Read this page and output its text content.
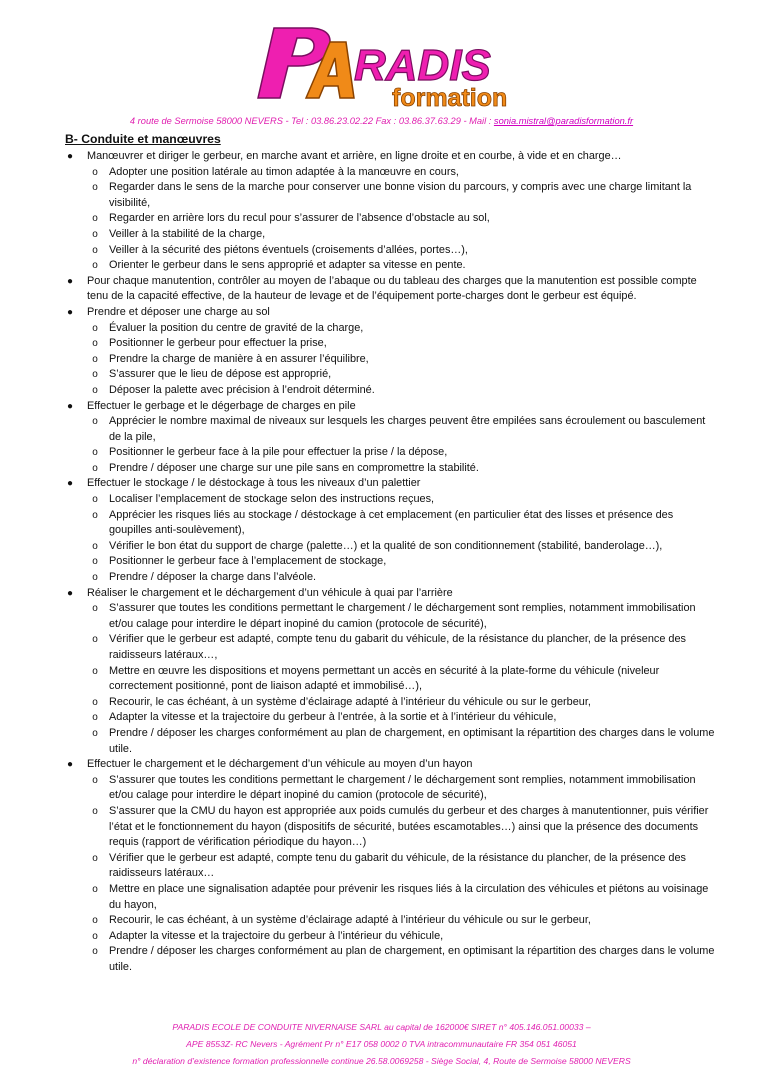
RADIS
formation
4 route de Sermoise 58000 NEVERS - Tel : 03.86.23.02.22 Fax : 03.86.37.63.29 - Mail : sonia.mistral@paradisformation.fr
B- Conduite et manœuvres
● Manœuvrer et diriger le gerbeur, en marche avant et arrière, en ligne droite et en courbe, à vide et en charge…
o Adopter une position latérale au timon adaptée à la manœuvre en cours,
o Regarder dans le sens de la marche pour conserver une bonne vision du parcours, y compris avec une charge limitant la visibilité,
o Regarder en arrière lors du recul pour s’assurer de l’absence d’obstacle au sol,
o Veiller à la stabilité de la charge,
o Veiller à la sécurité des piétons éventuels (croisements d’allées, portes…),
o Orienter le gerbeur dans le sens approprié et adapter sa vitesse en pente.
● Pour chaque manutention, contrôler au moyen de l’abaque ou du tableau des charges que la manutention est possible compte tenu de la capacité effective, de la hauteur de levage et de l’équipement porte-charges dont le gerbeur est équipé.
● Prendre et déposer une charge au sol
o Évaluer la position du centre de gravité de la charge,
o Positionner le gerbeur pour effectuer la prise,
o Prendre la charge de manière à en assurer l’équilibre,
o S’assurer que le lieu de dépose est approprié,
o Déposer la palette avec précision à l’endroit déterminé.
● Effectuer le gerbage et le dégerbage de charges en pile
o Apprécier le nombre maximal de niveaux sur lesquels les charges peuvent être empilées sans écroulement ou basculement de la pile,
o Positionner le gerbeur face à la pile pour effectuer la prise / la dépose,
o Prendre / déposer une charge sur une pile sans en compromettre la stabilité.
● Effectuer le stockage / le déstockage à tous les niveaux d’un palettier
o Localiser l’emplacement de stockage selon des instructions reçues,
o Apprécier les risques liés au stockage / déstockage à cet emplacement (en particulier état des lisses et présence des goupilles anti-soulèvement),
o Vérifier le bon état du support de charge (palette…) et la qualité de son conditionnement (stabilité, banderolage…),
o Positionner le gerbeur face à l’emplacement de stockage,
o Prendre / déposer la charge dans l’alvéole.
● Réaliser le chargement et le déchargement d’un véhicule à quai par l’arrière
o S’assurer que toutes les conditions permettant le chargement / le déchargement sont remplies, notamment immobilisation et/ou calage pour interdire le départ inopiné du camion (protocole de sécurité),
o Vérifier que le gerbeur est adapté, compte tenu du gabarit du véhicule, de la résistance du plancher, de la présence des raidisseurs latéraux…,
o Mettre en œuvre les dispositions et moyens permettant un accès en sécurité à la plate-forme du véhicule (niveleur correctement positionné, pont de liaison adapté et immobilisé…),
o Recourir, le cas échéant, à un système d’éclairage adapté à l’intérieur du véhicule ou sur le gerbeur,
o Adapter la vitesse et la trajectoire du gerbeur à l’entrée, à la sortie et à l’intérieur du véhicule,
o Prendre / déposer les charges conformément au plan de chargement, en optimisant la répartition des charges dans le volume utile.
● Effectuer le chargement et le déchargement d’un véhicule au moyen d’un hayon
o S’assurer que toutes les conditions permettant le chargement / le déchargement sont remplies, notamment immobilisation et/ou calage pour interdire le départ inopiné du camion (protocole de sécurité),
o S’assurer que la CMU du hayon est appropriée aux poids cumulés du gerbeur et des charges à manutentionner, puis vérifier l’état et le fonctionnement du hayon (dispositifs de sécurité, butées escamotables…) ainsi que la présence des documents requis (rapport de vérification périodique du hayon…)
o Vérifier que le gerbeur est adapté, compte tenu du gabarit du véhicule, de la résistance du plancher, de la présence des raidisseurs latéraux…
o Mettre en place une signalisation adaptée pour prévenir les risques liés à la circulation des véhicules et piétons au voisinage du hayon,
o Recourir, le cas échéant, à un système d’éclairage adapté à l’intérieur du véhicule ou sur le gerbeur,
o Adapter la vitesse et la trajectoire du gerbeur à l’intérieur du véhicule,
o Prendre / déposer les charges conformément au plan de chargement, en optimisant la répartition des charges dans le volume utile.
PARADIS ECOLE DE CONDUITE NIVERNAISE SARL au capital de 162000€ SIRET n° 405.146.051.00033 –
APE 8553Z- RC Nevers - Agrément Pr n° E17 058 0002 0 TVA intracommunautaire FR 354 051 46051
n° déclaration d’existence formation professionnelle continue 26.58.0069258 - Siège Social, 4, Route de Sermoise 58000 NEVERS
